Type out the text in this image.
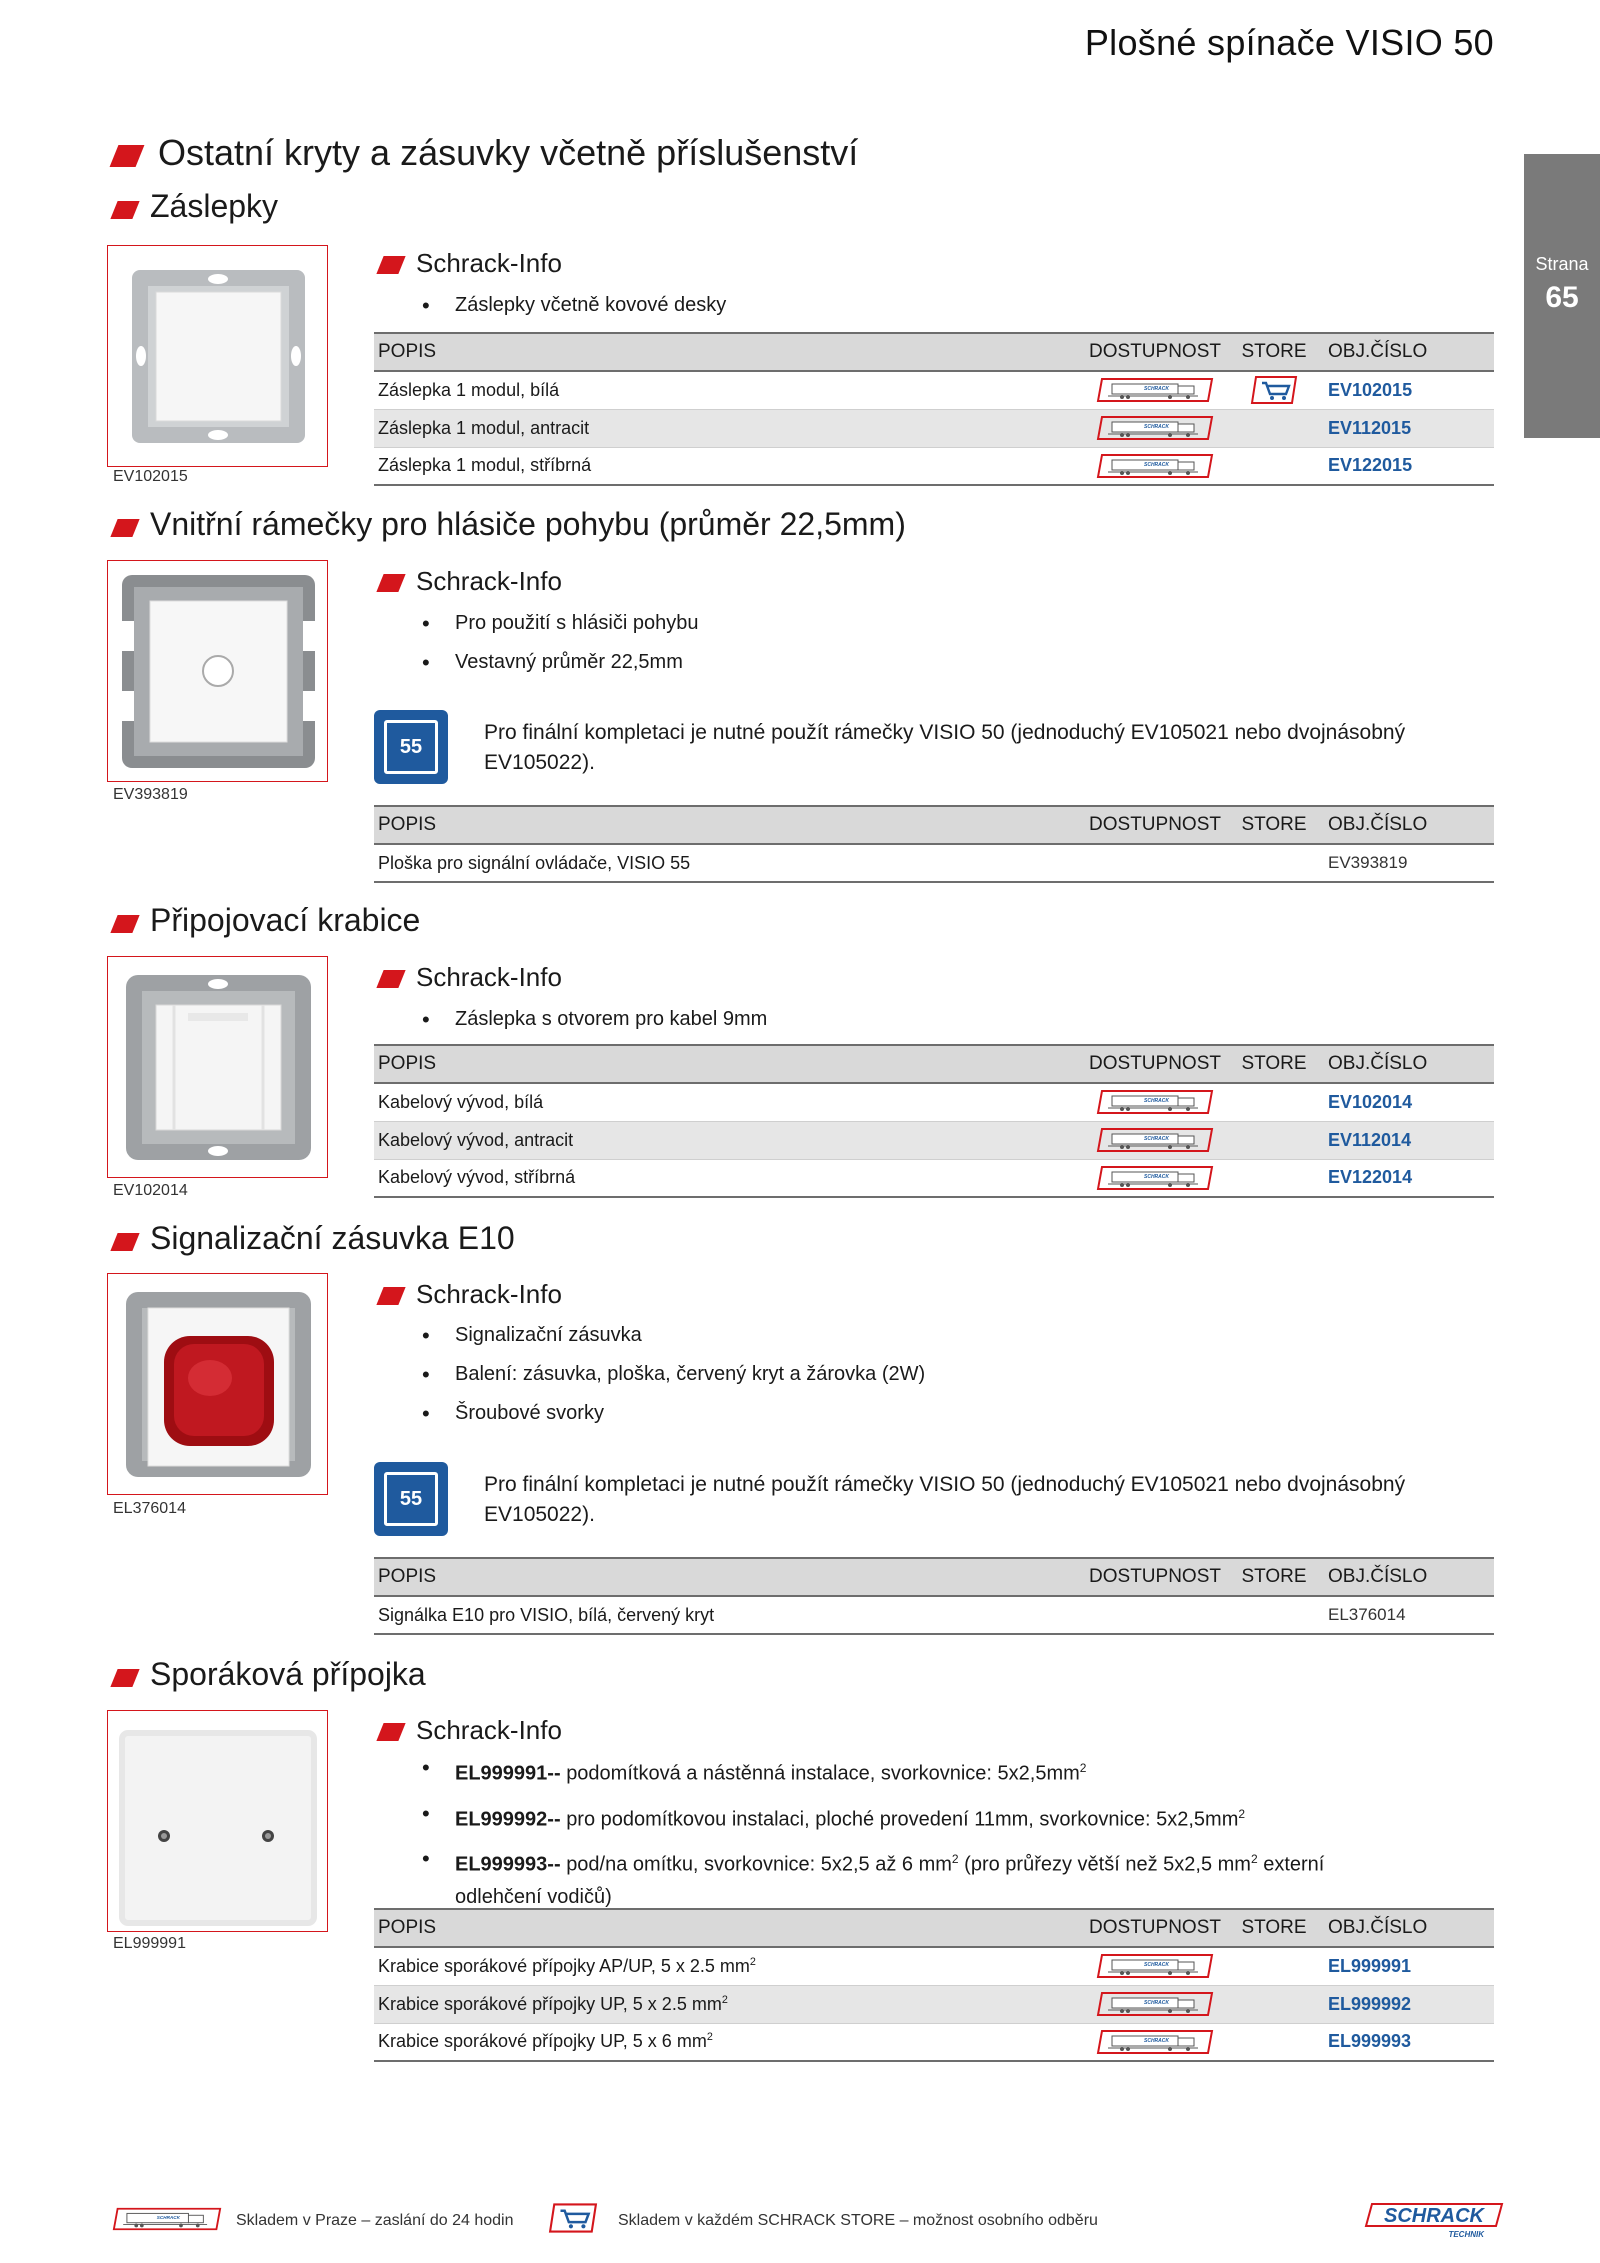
Plošné spínače VISIO 50
Strana
65
Ostatní kryty a zásuvky včetně příslušenství
Záslepky
EV102015
Schrack-Info
• Záslepky včetně kovové desky
POPIS	DOSTUPNOST	STORE	OBJ.ČÍSLO
Záslepka 1 modul, bílá			EV102015
Záslepka 1 modul, antracit			EV112015
Záslepka 1 modul, stříbrná			EV122015
Vnitřní rámečky pro hlásiče pohybu (průměr 22,5mm)
EV393819
Schrack-Info
• Pro použití s hlásiči pohybu
• Vestavný průměr 22,5mm
55
Pro finální kompletaci je nutné použít rámečky VISIO 50 (jednoduchý EV105021 nebo dvojnásobný EV105022).
POPIS	DOSTUPNOST	STORE	OBJ.ČÍSLO
Ploška pro signální ovládače, VISIO 55			EV393819
Připojovací krabice
EV102014
Schrack-Info
• Záslepka s otvorem pro kabel 9mm
POPIS	DOSTUPNOST	STORE	OBJ.ČÍSLO
Kabelový vývod, bílá			EV102014
Kabelový vývod, antracit			EV112014
Kabelový vývod, stříbrná			EV122014
Signalizační zásuvka E10
EL376014
Schrack-Info
• Signalizační zásuvka
• Balení: zásuvka, ploška, červený kryt a žárovka (2W)
• Šroubové svorky
55
Pro finální kompletaci je nutné použít rámečky VISIO 50 (jednoduchý EV105021 nebo dvojnásobný EV105022).
POPIS	DOSTUPNOST	STORE	OBJ.ČÍSLO
Signálka E10 pro VISIO, bílá, červený kryt			EL376014
Sporáková přípojka
EL999991
Schrack-Info
• EL999991-- podomítková a nástěnná instalace, svorkovnice: $5x2,5mm^2$
• EL999992-- pro podomítkovou instalaci, ploché provedení 11mm, svorkovnice: $5x2,5mm^2$
• EL999993-- pod/na omítku, svorkovnice: 5x2,5 až 6 $mm^2$ (pro průřezy větší než 5x2,5 $mm^2$ externí
odlehčení vodičů)
POPIS	DOSTUPNOST	STORE	OBJ.ČÍSLO
Krabice sporákové přípojky AP/UP, 5 x 2.5 $mm^2$			EL999991
Krabice sporákové přípojky UP, 5 x 2.5 $mm^2$			EL999992
Krabice sporákové přípojky UP, 5 x 6 $mm^2$			EL999993
Skladem v Praze – zaslání do 24 hodin	Skladem v každém SCHRACK STORE – možnost osobního odběru	SCHRACK
TECHNIK
